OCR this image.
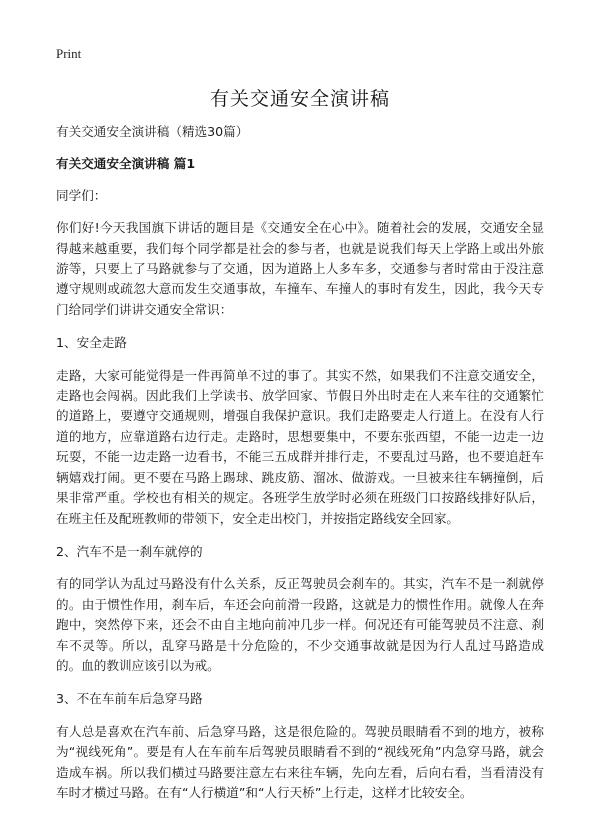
Print
有关交通安全演讲稿

有关交通安全演讲稿（精选30篇）

有关交通安全演讲稿 篇1

同学们：

你们好!今天我国旗下讲话的题目是《交通安全在心中》。随着社会的发展，交通安全显得越来越重要，我们每个同学都是社会的参与者，也就是说我们每天上学路上或出外旅游等，只要上了马路就参与了交通，因为道路上人多车多，交通参与者时常由于没注意遵守规则或疏忽大意而发生交通事故，车撞车、车撞人的事时有发生，因此，我今天专门给同学们讲讲交通安全常识：

1、安全走路

走路，大家可能觉得是一件再简单不过的事了。其实不然，如果我们不注意交通安全，走路也会闯祸。因此我们上学读书、放学回家、节假日外出时走在人来车往的交通繁忙的道路上，要遵守交通规则，增强自我保护意识。我们走路要走人行道上。在没有人行道的地方，应靠道路右边行走。走路时，思想要集中，不要东张西望，不能一边走一边玩耍，不能一边走路一边看书，不能三五成群并排行走，不要乱过马路，也不要追赶车辆嬉戏打闹。更不要在马路上踢球、跳皮筋、溜冰、做游戏。一旦被来往车辆撞倒，后果非常严重。学校也有相关的规定。各班学生放学时必须在班级门口按路线排好队后，在班主任及配班教师的带领下，安全走出校门，并按指定路线安全回家。

2、汽车不是一刹车就停的

有的同学认为乱过马路没有什么关系，反正驾驶员会刹车的。其实，汽车不是一刹就停的。由于惯性作用，刹车后，车还会向前滑一段路，这就是力的惯性作用。就像人在奔跑中，突然停下来，还会不由自主地向前冲几步一样。何况还有可能驾驶员不注意、刹车不灵等。所以，乱穿马路是十分危险的，不少交通事故就是因为行人乱过马路造成的。血的教训应该引以为戒。

3、不在车前车后急穿马路

有人总是喜欢在汽车前、后急穿马路，这是很危险的。驾驶员眼睛看不到的地方，被称为“视线死角”。要是有人在车前车后驾驶员眼睛看不到的“视线死角”内急穿马路，就会造成车祸。所以我们横过马路要注意左右来往车辆，先向左看，后向右看，当看清没有车时才横过马路。在有“人行横道”和“人行天桥”上行走，这样才比较安全。
